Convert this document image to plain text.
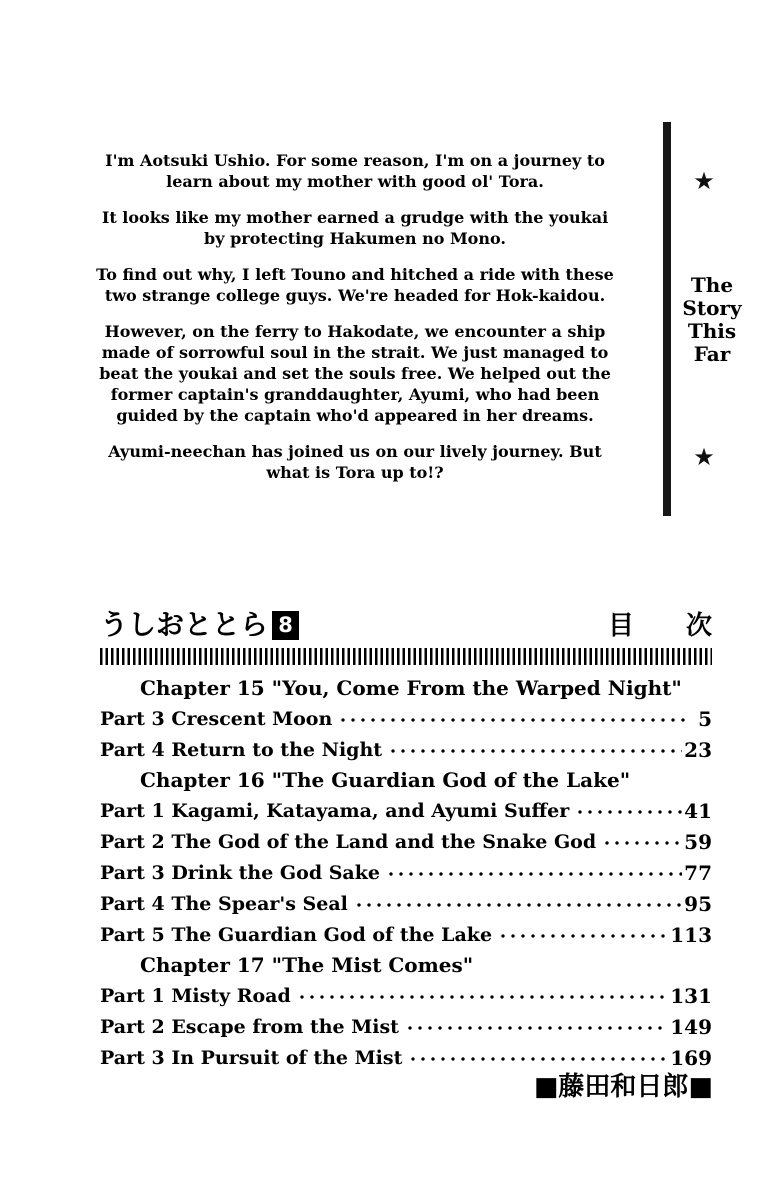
I'm Aotsuki Ushio. For some reason, I'm on a journey to learn about my mother with good ol' Tora.

It looks like my mother earned a grudge with the youkai by protecting Hakumen no Mono.

To find out why, I left Touno and hitched a ride with these two strange college guys. We're headed for Hok-kaidou.

However, on the ferry to Hakodate, we encounter a ship made of sorrowful soul in the strait. We just managed to beat the youkai and set the souls free. We helped out the former captain's granddaughter, Ayumi, who had been guided by the captain who'd appeared in her dreams.

Ayumi-neechan has joined us on our lively journey. But what is Tora up to!?

★
The
Story
This
Far
★
うしおととら 8	目　　次
Chapter 15 "You, Come From the Warped Night"
Part 3 Crescent Moon	5
Part 4 Return to the Night	23
Chapter 16 "The Guardian God of the Lake"
Part 1 Kagami, Katayama, and Ayumi Suffer	41
Part 2 The God of the Land and the Snake God	59
Part 3 Drink the God Sake	77
Part 4 The Spear's Seal	95
Part 5 The Guardian God of the Lake	113
Chapter 17 "The Mist Comes"
Part 1 Misty Road	131
Part 2 Escape from the Mist	149
Part 3 In Pursuit of the Mist	169
■藤田和日郎■
